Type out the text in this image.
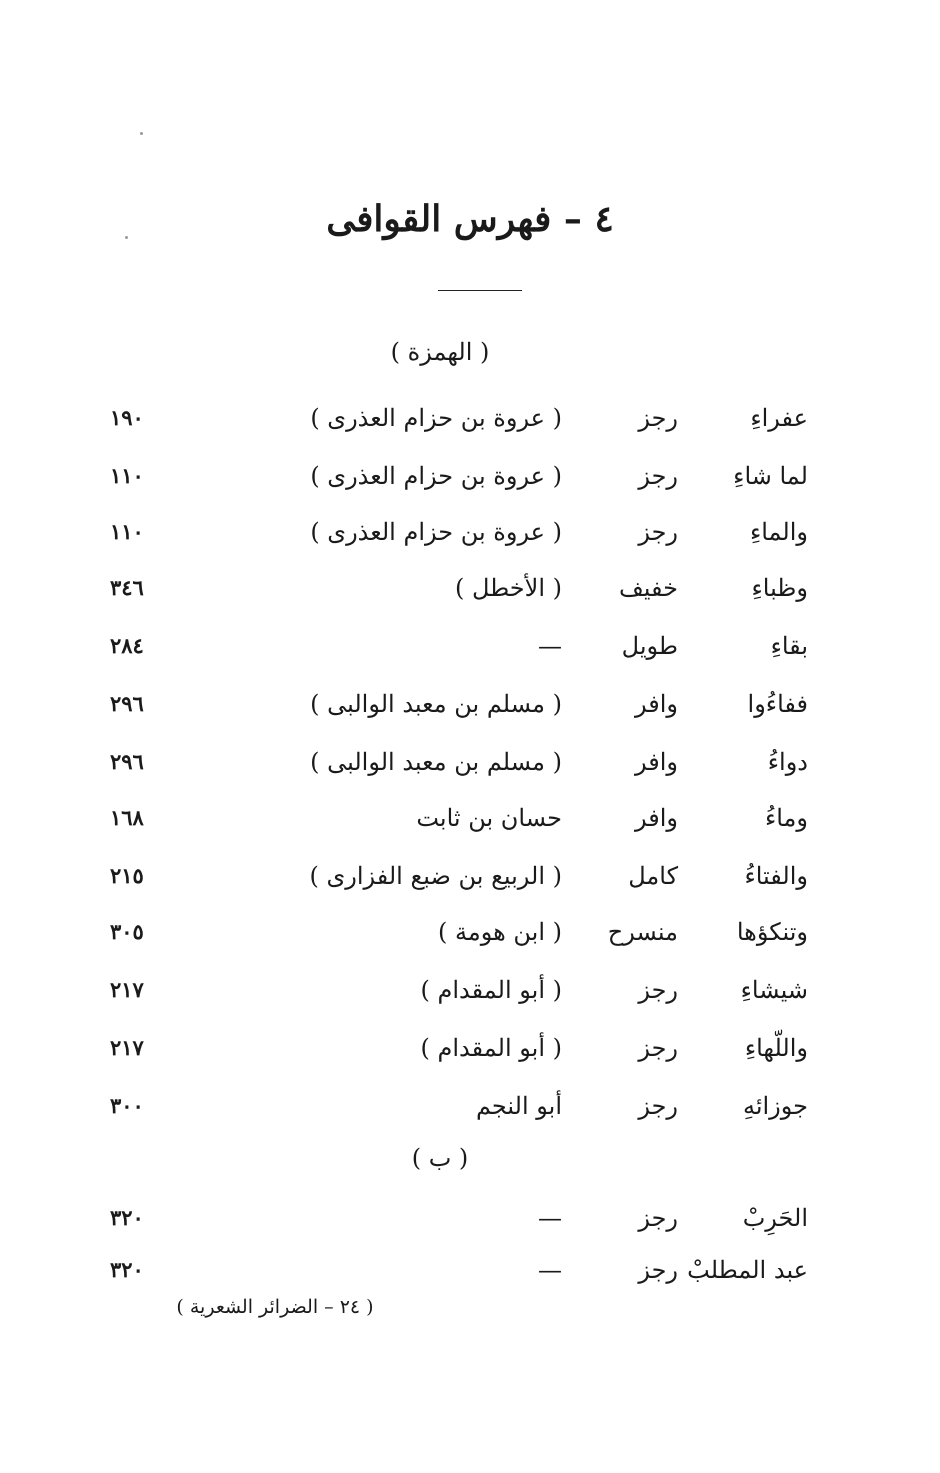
٤ – فهرس القوافى
( الهمزة )
عفراءِ
رجز
( عروة بن حزام العذرى )
١٩٠
لما شاءِ
رجز
( عروة بن حزام العذرى )
١١٠
والماءِ
رجز
( عروة بن حزام العذرى )
١١٠
وظباءِ
خفيف
( الأخطل )
٣٤٦
بقاءِ
طويل
—
٢٨٤
ففاءُوا
وافر
( مسلم بن معبد الوالبى )
٢٩٦
دواءُ
وافر
( مسلم بن معبد الوالبى )
٢٩٦
وماءُ
وافر
حسان بن ثابت
١٦٨
والفتاءُ
كامل
( الربيع بن ضبع الفزارى )
٢١٥
وتنكؤها
منسرح
( ابن هومة )
٣٠٥
شيشاءِ
رجز
( أبو المقدام )
٢١٧
واللّهاءِ
رجز
( أبو المقدام )
٢١٧
جوزائهِ
رجز
أبو النجم
٣٠٠
( ب )
الحَرِبْ
رجز
—
٣٢٠
عبد المطلبْ
رجز
—
٣٢٠
( ٢٤ – الضرائر الشعرية )
